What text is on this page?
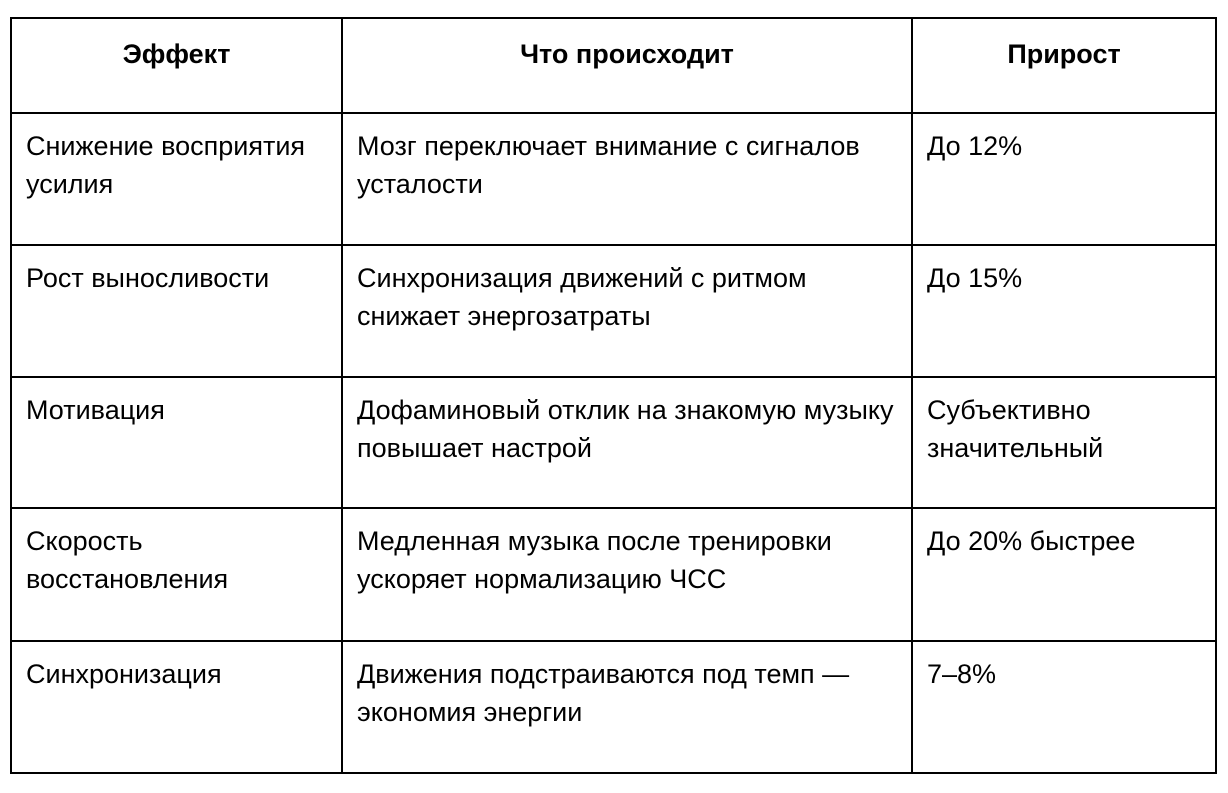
Эффект	Что происходит	Прирост
Снижение восприятия усилия	Мозг переключает внимание с сигналов усталости	До 12%
Рост выносливости	Синхронизация движений с ритмом снижает энергозатраты	До 15%
Мотивация	Дофаминовый отклик на знакомую музыку повышает настрой	Субъективно значительный
Скорость восстановления	Медленная музыка после тренировки ускоряет нормализацию ЧСС	До 20% быстрее
Синхронизация	Движения подстраиваются под темп — экономия энергии	7–8%
